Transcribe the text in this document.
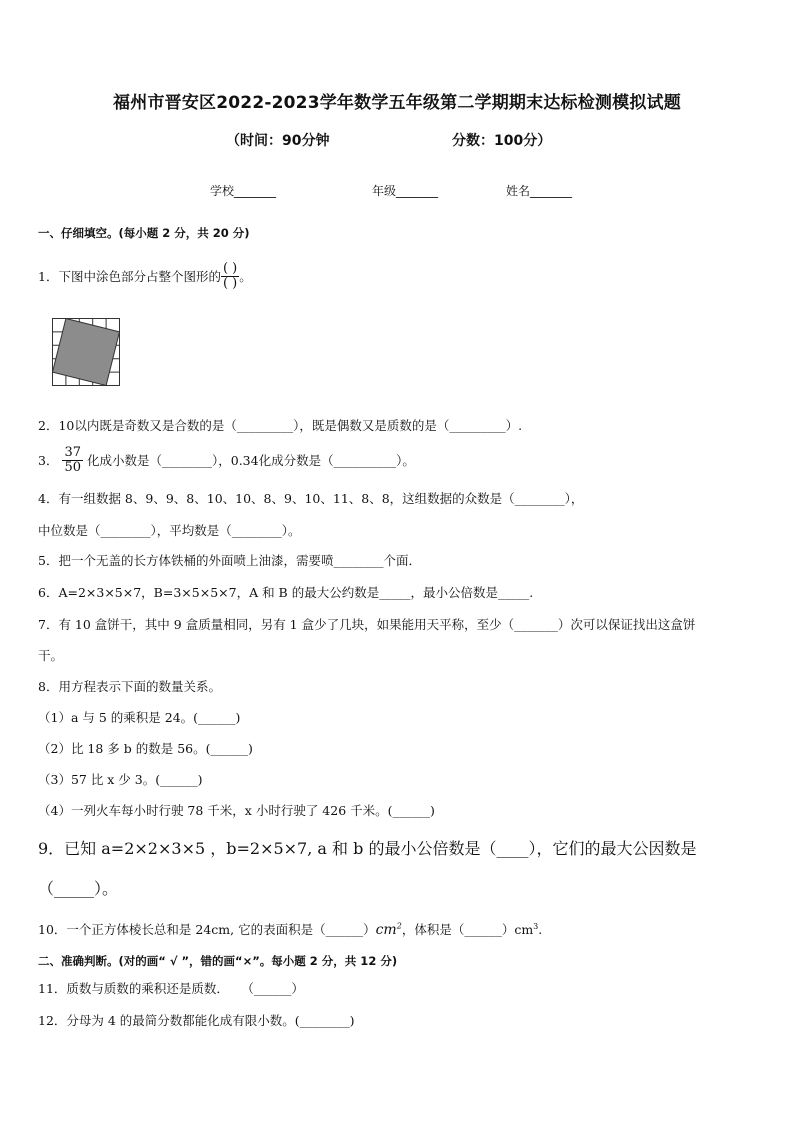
福州市晋安区2022-2023学年数学五年级第二学期期末达标检测模拟试题
（时间：90分钟	分数：100分）
学校_______	年级_______	姓名_______
一、仔细填空。(每小题 2 分，共 20 分)
1．下图中涂色部分占整个图形的 $\frac{( )}{( )}$ 。
2．10以内既是奇数又是合数的是（_________），既是偶数又是质数的是（_________）.
3． $\frac{37}{50}$ 化成小数是（________），0.34化成分数是（__________）。
4．有一组数据 8、9、9、8、10、10、8、9、10、11、8、8，这组数据的众数是（________），
中位数是（________），平均数是（________）。
5．把一个无盖的长方体铁桶的外面喷上油漆，需要喷________个面．
6．A=2×3×5×7，B=3×5×5×7，A 和 B 的最大公约数是_____，最小公倍数是_____.
7．有 10 盒饼干，其中 9 盒质量相同，另有 1 盒少了几块，如果能用天平称，至少（_______）次可以保证找出这盒饼
干。
8．用方程表示下面的数量关系。
（1）a 与 5 的乘积是 24。(______)
（2）比 18 多 b 的数是 56。(______)
（3）57 比 x 少 3。(______)
（4）一列火车每小时行驶 78 千米，x 小时行驶了 426 千米。(______)
9．已知 a=2×2×3×5 ，b=2×5×7, a 和 b 的最小公倍数是（____），它们的最大公因数是
（_____）。
10．一个正方体棱长总和是 24cm, 它的表面积是$(\_\_\_\_\_\_)cm^2$，体积是$(\_\_\_\_\_\_)cm^3$.
二、准确判断。(对的画“ √ ”，错的画“×”。每小题 2 分，共 12 分)
11．质数与质数的乘积还是质数．　　（______）
12．分母为 4 的最简分数都能化成有限小数。(________)
